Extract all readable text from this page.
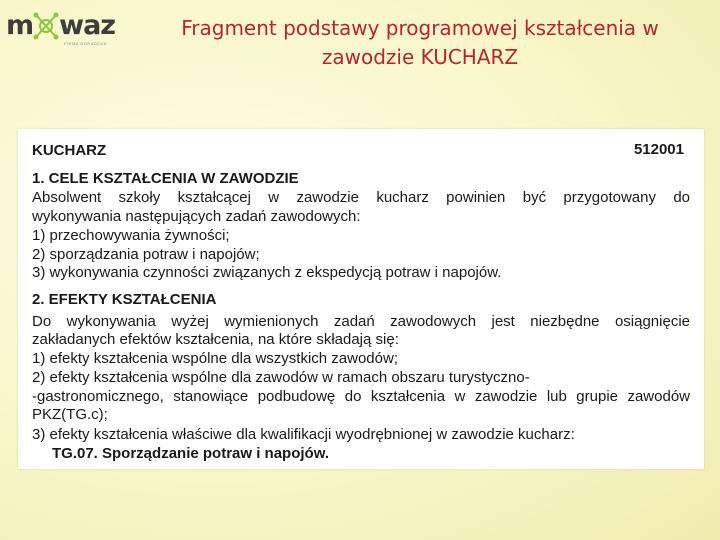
m waz
FIRMA DORADCZA
Fragment podstawy programowej kształcenia w
zawodzie KUCHARZ
KUCHARZ	512001
1. CELE KSZTAŁCENIA W ZAWODZIE
Absolwent szkoły kształcącej w zawodzie kucharz powinien być przygotowany do
wykonywania następujących zadań zawodowych:
1) przechowywania żywności;
2) sporządzania potraw i napojów;
3) wykonywania czynności związanych z ekspedycją potraw i napojów.
2. EFEKTY KSZTAŁCENIA
Do wykonywania wyżej wymienionych zadań zawodowych jest niezbędne osiągnięcie
zakładanych efektów kształcenia, na które składają się:
1) efekty kształcenia wspólne dla wszystkich zawodów;
2) efekty kształcenia wspólne dla zawodów w ramach obszaru turystyczno-
-gastronomicznego, stanowiące podbudowę do kształcenia w zawodzie lub grupie zawodów
PKZ(TG.c);
3) efekty kształcenia właściwe dla kwalifikacji wyodrębnionej w zawodzie kucharz:
TG.07. Sporządzanie potraw i napojów.
